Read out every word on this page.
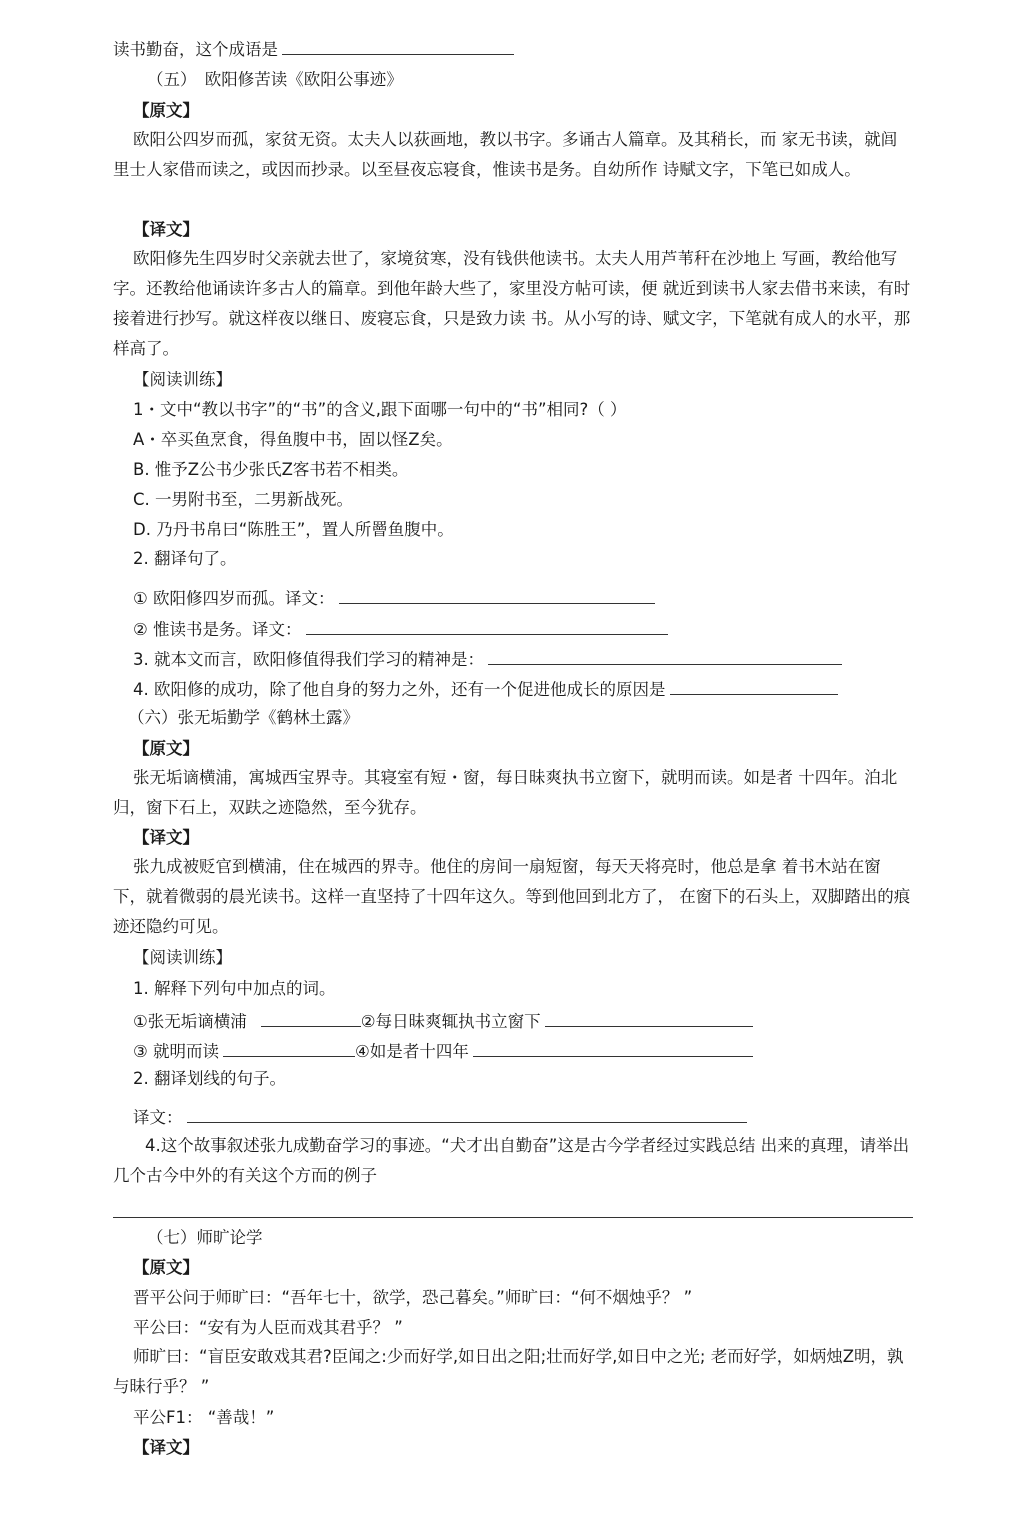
读书勤奋，这个成语是
（五）　欧阳修苦读《欧阳公事迹》
【原文】

欧阳公四岁而孤，家贫无资。太夫人以荻画地，教以书字。多诵古人篇章。及其稍长，而 家无书读，就闾里士人家借而读之，或因而抄录。以至昼夜忘寝食，惟读书是务。自幼所作 诗赋文字，下笔已如成人。

【译文】

欧阳修先生四岁时父亲就去世了，家境贫寒，没有钱供他读书。太夫人用芦苇秆在沙地上 写画，教给他写字。还教给他诵读许多古人的篇章。到他年龄大些了，家里没方帖可读，便 就近到读书人家去借书来读，有时接着进行抄写。就这样夜以继日、废寝忘食，只是致力读 书。从小写的诗、赋文字，下笔就有成人的水平，那样高了。

【阅读训练】
1・文中“教以书字”的“书”的含义,跟下面哪一句中的“书”相同?（ ）
A・卒买鱼烹食，得鱼腹中书，固以怪Z矣。
B. 惟予Z公书少张氏Z客书若不相类。
C. 一男附书至，二男新战死。
D. 乃丹书帛曰“陈胜王”，置人所罾鱼腹中。
2. 翻译句了。
① 欧阳修四岁而孤。译文：
② 惟读书是务。译文：
3. 就本文而言，欧阳修值得我们学习的精神是：
4. 欧阳修的成功，除了他自身的努力之外，还有一个促进他成长的原因是
（六）张无垢勤学《鹤林土露》
【原文】

张无垢谪横浦，寓城西宝界寺。其寝室有短・窗，每日昧爽执书立窗下，就明而读。如是者 十四年。泊北归，窗下石上，双趺之迹隐然，至今犹存。

【译文】

张九成被贬官到横浦，住在城西的界寺。他住的房间一扇短窗，每天天将亮时，他总是拿 着书木站在窗下，就着微弱的晨光读书。这样一直坚持了十四年这久。等到他回到北方了， 在窗下的石头上，双脚踏出的痕迹还隐约可见。

【阅读训练】
1. 解释下列句中加点的词。
①张无垢谪横浦	②每日昧爽辄执书立窗下
③ 就明而读	④如是者十四年
2. 翻译划线的句子。
译文：

4.这个故事叙述张九成勤奋学习的事迹。“犬才出自勤奋”这是古今学者经过实践总结 出来的真理，请举出几个古今中外的有关这个方而的例子

（七）师旷论学
【原文】
晋平公问于师旷曰：“吾年七十，欲学，恐己暮矣。”师旷曰：“何不烟烛乎？ ”
平公曰：“安有为人臣而戏其君乎？ ”

师旷曰：“盲臣安敢戏其君?臣闻之:少而好学,如日出之阳;壮而好学,如日中之光; 老而好学，如炳烛Z明，孰与昧行乎？ ”

平公F1： “善哉！”
【译文】
